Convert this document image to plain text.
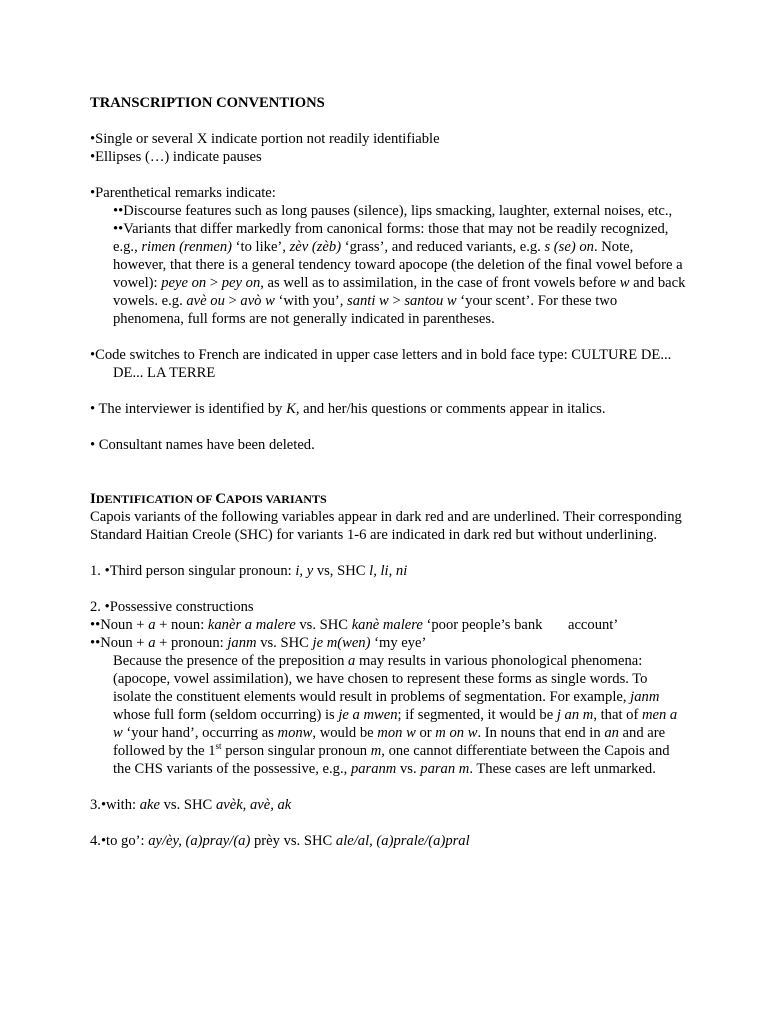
TRANSCRIPTION CONVENTIONS

•Single or several X indicate portion not readily identifiable

•Ellipses (…) indicate pauses

•Parenthetical remarks indicate:

••Discourse features such as long pauses (silence), lips smacking, laughter, external noises, etc.,

••Variants that differ markedly from canonical forms: those that may not be readily recognized, e.g., rimen (renmen) ‘to like’, zèv (zèb) ‘grass’, and reduced variants, e.g. s (se) on. Note, however, that there is a general tendency toward apocope (the deletion of the final vowel before a vowel): peye on > pey on, as well as to assimilation, in the case of front vowels before w and back vowels. e.g. avè ou > avò w ‘with you’, santi w > santou w ‘your scent’. For these two phenomena, full forms are not generally indicated in parentheses.

•Code switches to French are indicated in upper case letters and in bold face type: CULTURE DE... DE... LA TERRE

• The interviewer is identified by K, and her/his questions or comments appear in italics.

• Consultant names have been deleted.

IDENTIFICATION OF CAPOIS VARIANTS

Capois variants of the following variables appear in dark red and are underlined. Their corresponding Standard Haitian Creole (SHC) for variants 1-6 are indicated in dark red but without underlining.

1. •Third person singular pronoun: i, y vs, SHC l, li, ni

2. •Possessive constructions

••Noun + a + noun: kanèr a malere vs. SHC kanè malere ‘poor people’s bank       account’

••Noun + a + pronoun: janm vs. SHC je m(wen) ‘my eye’

Because the presence of the preposition a may results in various phonological phenomena: (apocope, vowel assimilation), we have chosen to represent these forms as single words. To isolate the constituent elements would result in problems of segmentation. For example, janm whose full form (seldom occurring) is je a mwen; if segmented, it would be j an m, that of men a w ‘your hand’, occurring as monw, would be mon w or m on w. In nouns that end in an and are followed by the 1st person singular pronoun m, one cannot differentiate between the Capois and the CHS variants of the possessive, e.g., paranm vs. paran m. These cases are left unmarked.

3.•with: ake vs. SHC avèk, avè, ak

4.•to go’: ay/èy, (a)pray/(a) prèy vs. SHC ale/al, (a)prale/(a)pral
